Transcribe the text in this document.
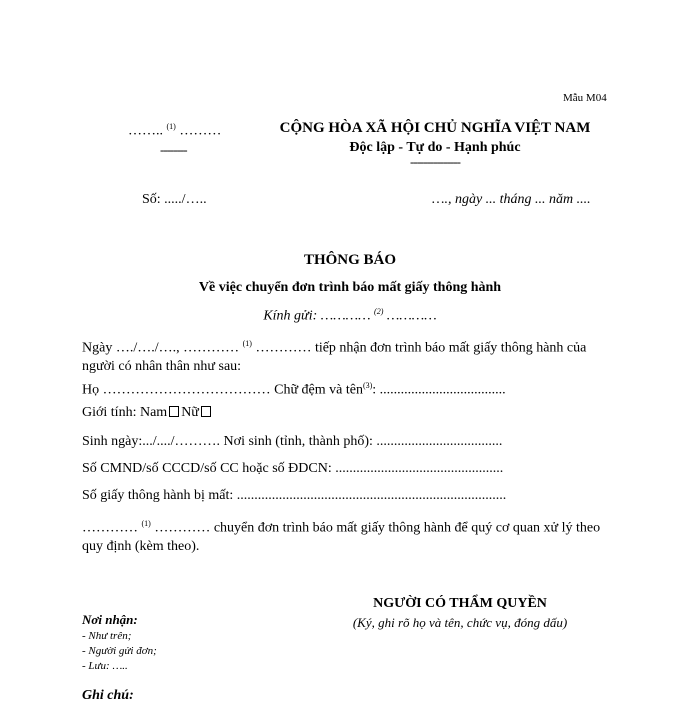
Mẫu M04
…….. $^{(1)}$ ………
--------
CỘNG HÒA XÃ HỘI CHỦ NGHĨA VIỆT NAM
Độc lập - Tự do - Hạnh phúc
---------------
Số: ...../…..	…., ngày ... tháng ... năm ....
THÔNG BÁO
Về việc chuyển đơn trình báo mất giấy thông hành
Kính gửi: ………… $^{(2)}$ …………
Ngày …./…./…., ………… $^{(1)}$ ………… tiếp nhận đơn trình báo mất giấy thông hành của người có nhân thân như sau:
Họ ……………………………… Chữ đệm và tên$^{(3)}$: ....................................
Giới tính: Nam Nữ
Sinh ngày:.../..../………. Nơi sinh (tỉnh, thành phố): ....................................
Số CMND/số CCCD/số CC hoặc số ĐDCN: ................................................
Số giấy thông hành bị mất: .............................................................................
………… $^{(1)}$ ………… chuyển đơn trình báo mất giấy thông hành để quý cơ quan xử lý theo quy định (kèm theo).
NGƯỜI CÓ THẨM QUYỀN
(Ký, ghi rõ họ và tên, chức vụ, đóng dấu)
Nơi nhận:
- Như trên;
- Người gửi đơn;
- Lưu: …..
Ghi chú:
